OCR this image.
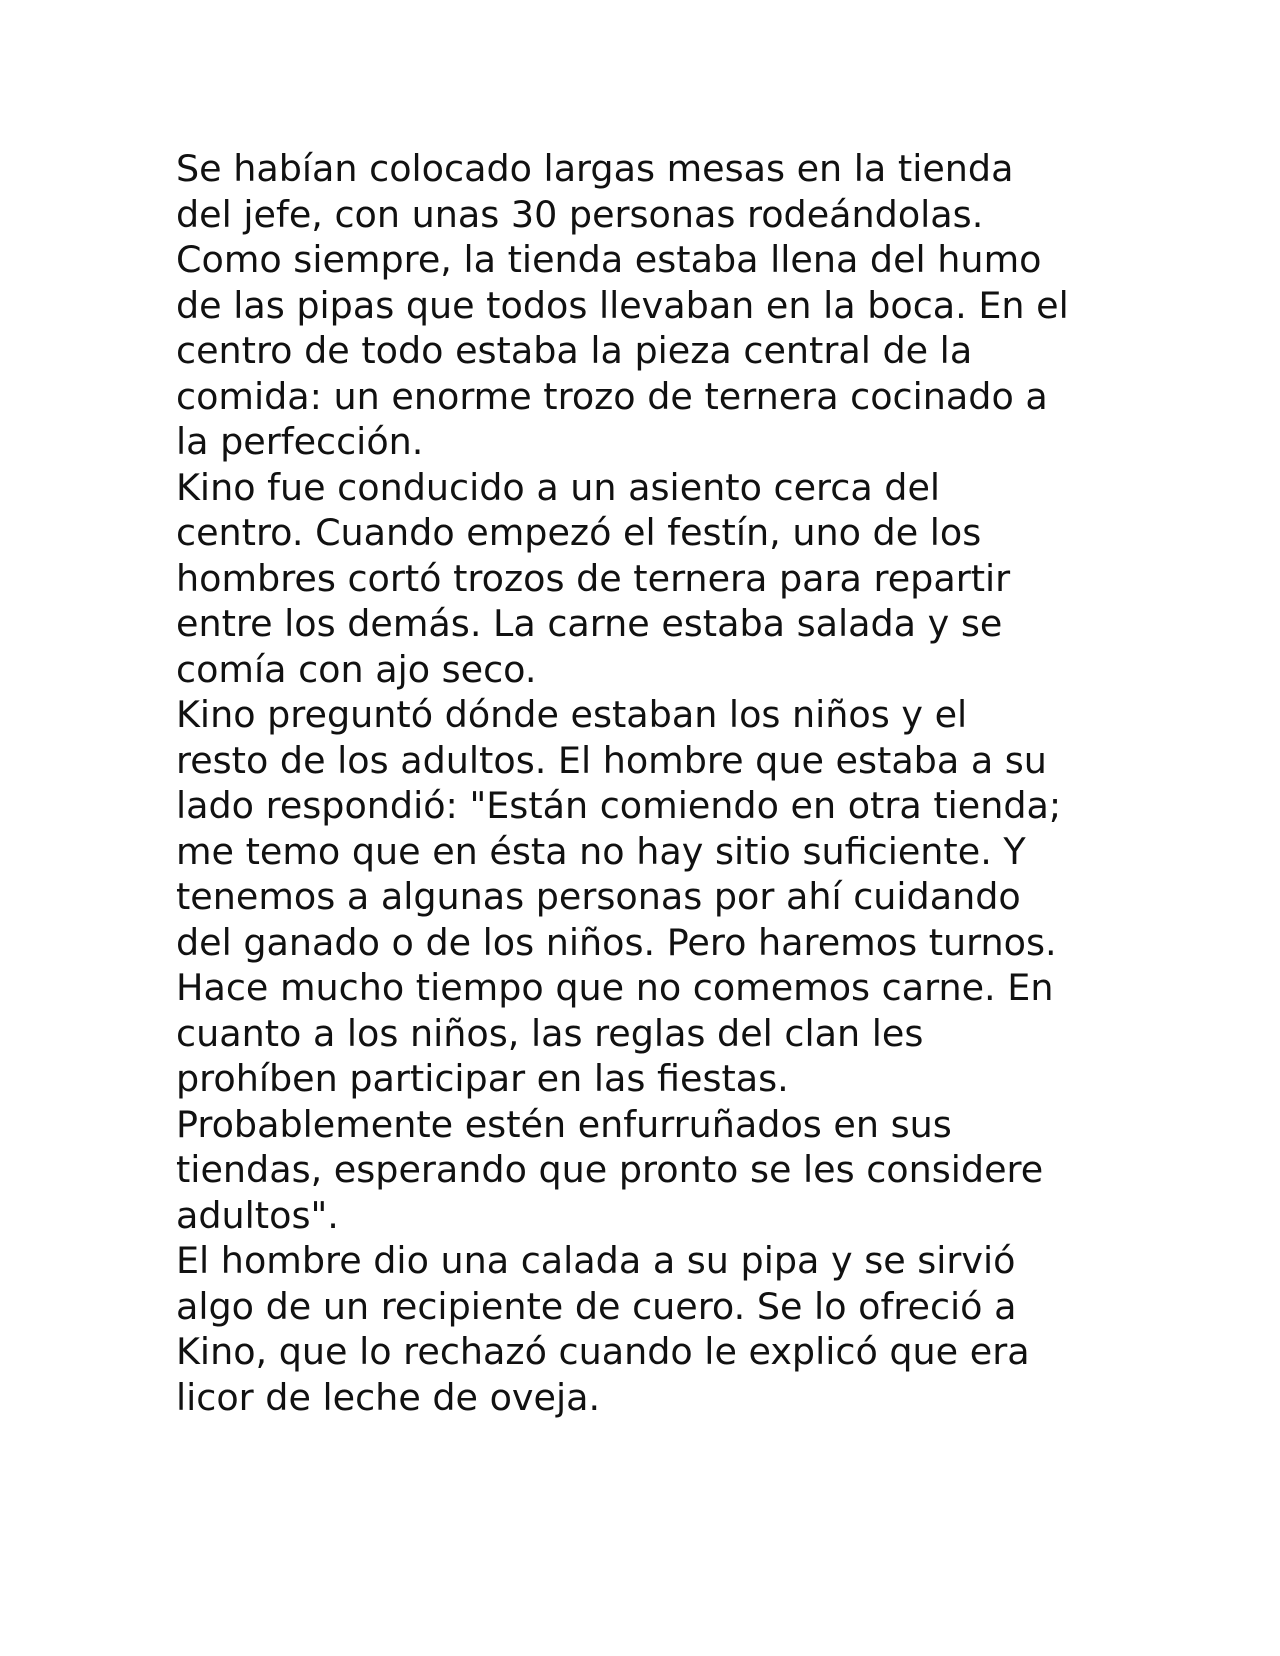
Se habían colocado largas mesas en la tienda
del jefe, con unas 30 personas rodeándolas.
Como siempre, la tienda estaba llena del humo
de las pipas que todos llevaban en la boca. En el
centro de todo estaba la pieza central de la
comida: un enorme trozo de ternera cocinado a
la perfección.
Kino fue conducido a un asiento cerca del
centro. Cuando empezó el festín, uno de los
hombres cortó trozos de ternera para repartir
entre los demás. La carne estaba salada y se
comía con ajo seco.
Kino preguntó dónde estaban los niños y el
resto de los adultos. El hombre que estaba a su
lado respondió: "Están comiendo en otra tienda;
me temo que en ésta no hay sitio suficiente. Y
tenemos a algunas personas por ahí cuidando
del ganado o de los niños. Pero haremos turnos.
Hace mucho tiempo que no comemos carne. En
cuanto a los niños, las reglas del clan les
prohíben participar en las fiestas.
Probablemente estén enfurruñados en sus
tiendas, esperando que pronto se les considere
adultos".
El hombre dio una calada a su pipa y se sirvió
algo de un recipiente de cuero. Se lo ofreció a
Kino, que lo rechazó cuando le explicó que era
licor de leche de oveja.
